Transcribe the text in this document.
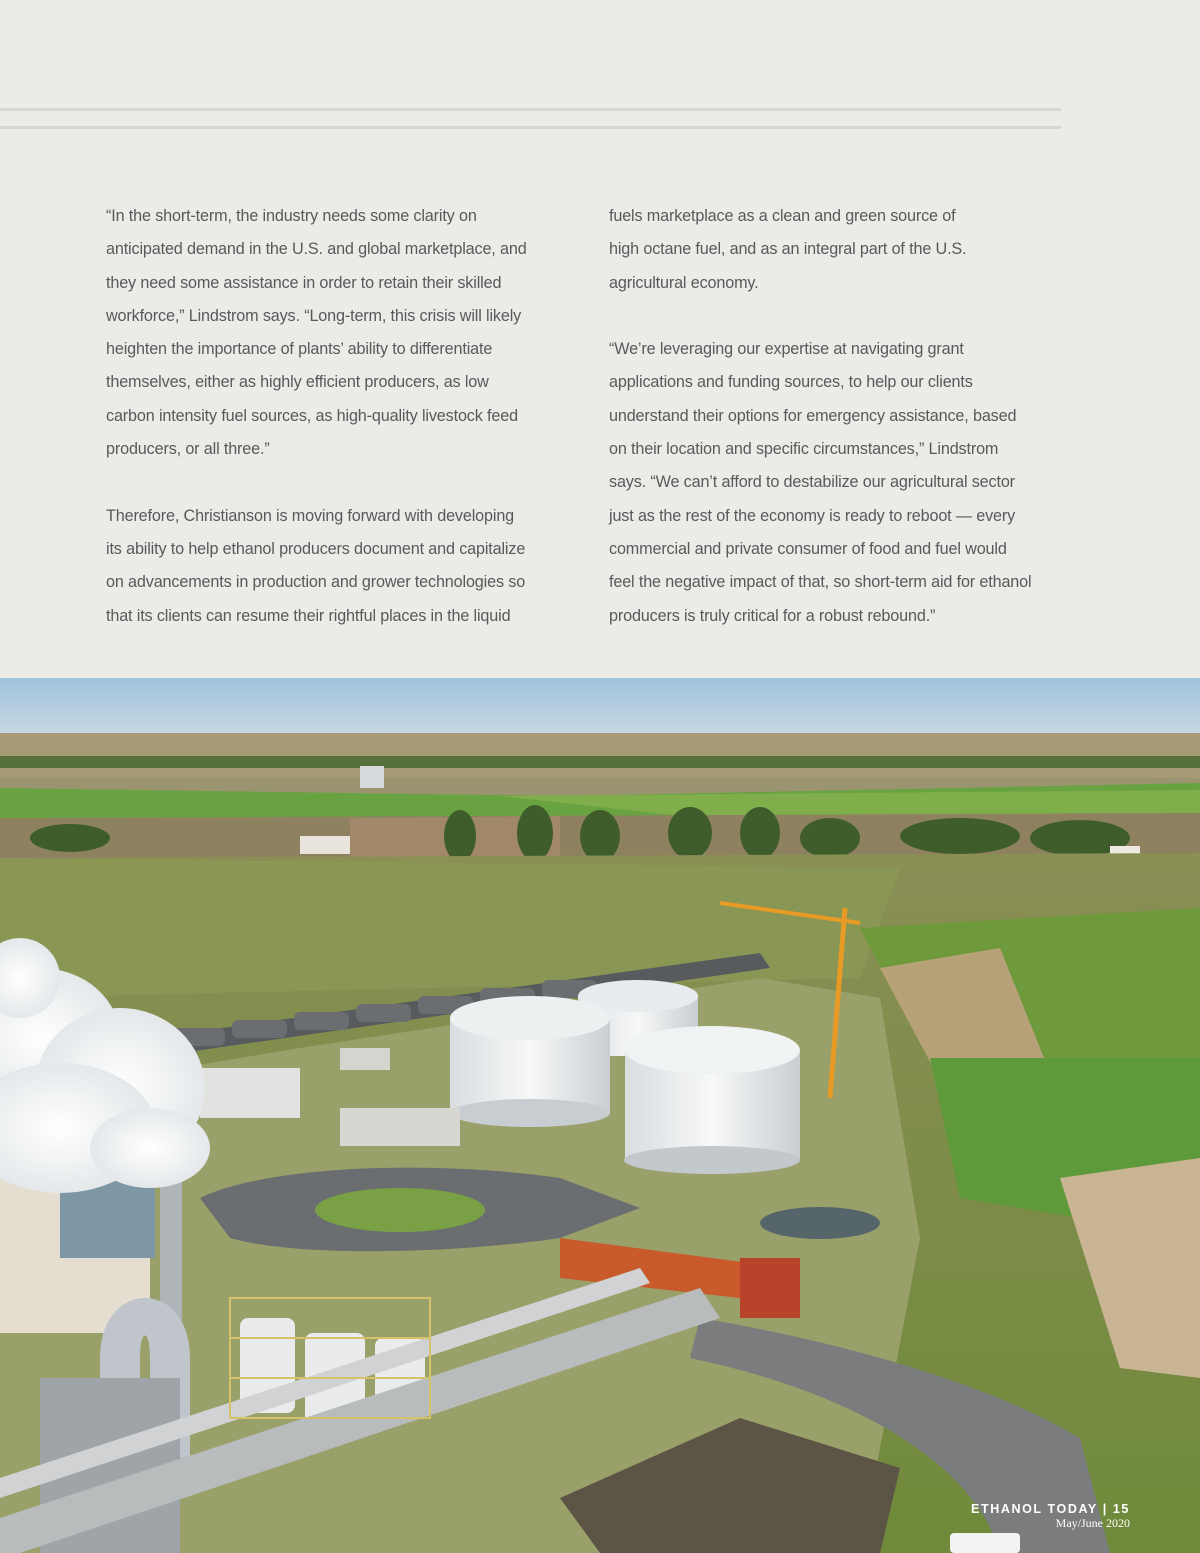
“In the short-term, the industry needs some clarity on
anticipated demand in the U.S. and global marketplace, and
they need some assistance in order to retain their skilled
workforce,” Lindstrom says. “Long-term, this crisis will likely
heighten the importance of plants’ ability to differentiate
themselves, either as highly efficient producers, as low
carbon intensity fuel sources, as high-quality livestock feed
producers, or all three.”
Therefore, Christianson is moving forward with developing
its ability to help ethanol producers document and capitalize
on advancements in production and grower technologies so
that its clients can resume their rightful places in the liquid
fuels marketplace as a clean and green source of
high octane fuel, and as an integral part of the U.S.
agricultural economy.
“We’re leveraging our expertise at navigating grant
applications and funding sources, to help our clients
understand their options for emergency assistance, based
on their location and specific circumstances,” Lindstrom
says. “We can’t afford to destabilize our agricultural sector
just as the rest of the economy is ready to reboot — every
commercial and private consumer of food and fuel would
feel the negative impact of that, so short-term aid for ethanol
producers is truly critical for a robust rebound.”
ETHANOL TODAY | 15
May/June 2020
